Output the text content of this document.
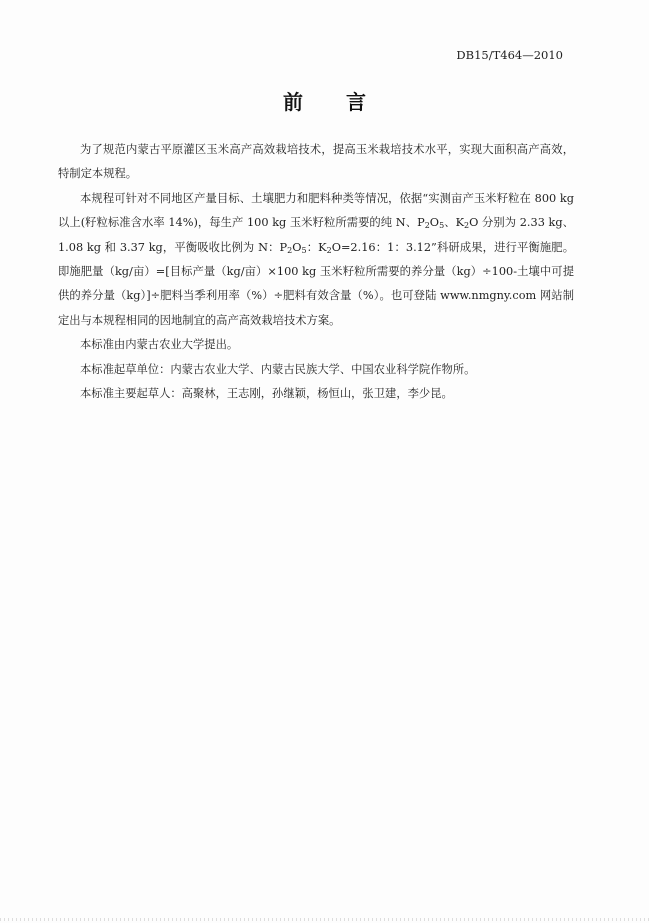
DB15/T464—2010
前 言

为了规范内蒙古平原灌区玉米高产高效栽培技术，提高玉米栽培技术水平，实现大面积高产高效，特制定本规程。

本规程可针对不同地区产量目标、土壤肥力和肥料种类等情况，依据“实测亩产玉米籽粒在 800 kg 以上(籽粒标准含水率 14%)，每生产 100 kg 玉米籽粒所需要的纯 N、$P_2O_5$、$K_2O$ 分别为 2.33 kg、1.08 kg 和 3.37 kg，平衡吸收比例为 N：$P_2O_5$：$K_2O=2.16$：1：3.12”科研成果，进行平衡施肥。即施肥量（kg/亩）=[目标产量（kg/亩）×100 kg 玉米籽粒所需要的养分量（kg）÷100-土壤中可提供的养分量（kg）]÷肥料当季利用率（%）÷肥料有效含量（%）。也可登陆 www.nmgny.com 网站制定出与本规程相同的因地制宜的高产高效栽培技术方案。

本标准由内蒙古农业大学提出。

本标准起草单位：内蒙古农业大学、内蒙古民族大学、中国农业科学院作物所。

本标准主要起草人：高聚林，王志刚，孙继颖，杨恒山，张卫建，李少昆。
